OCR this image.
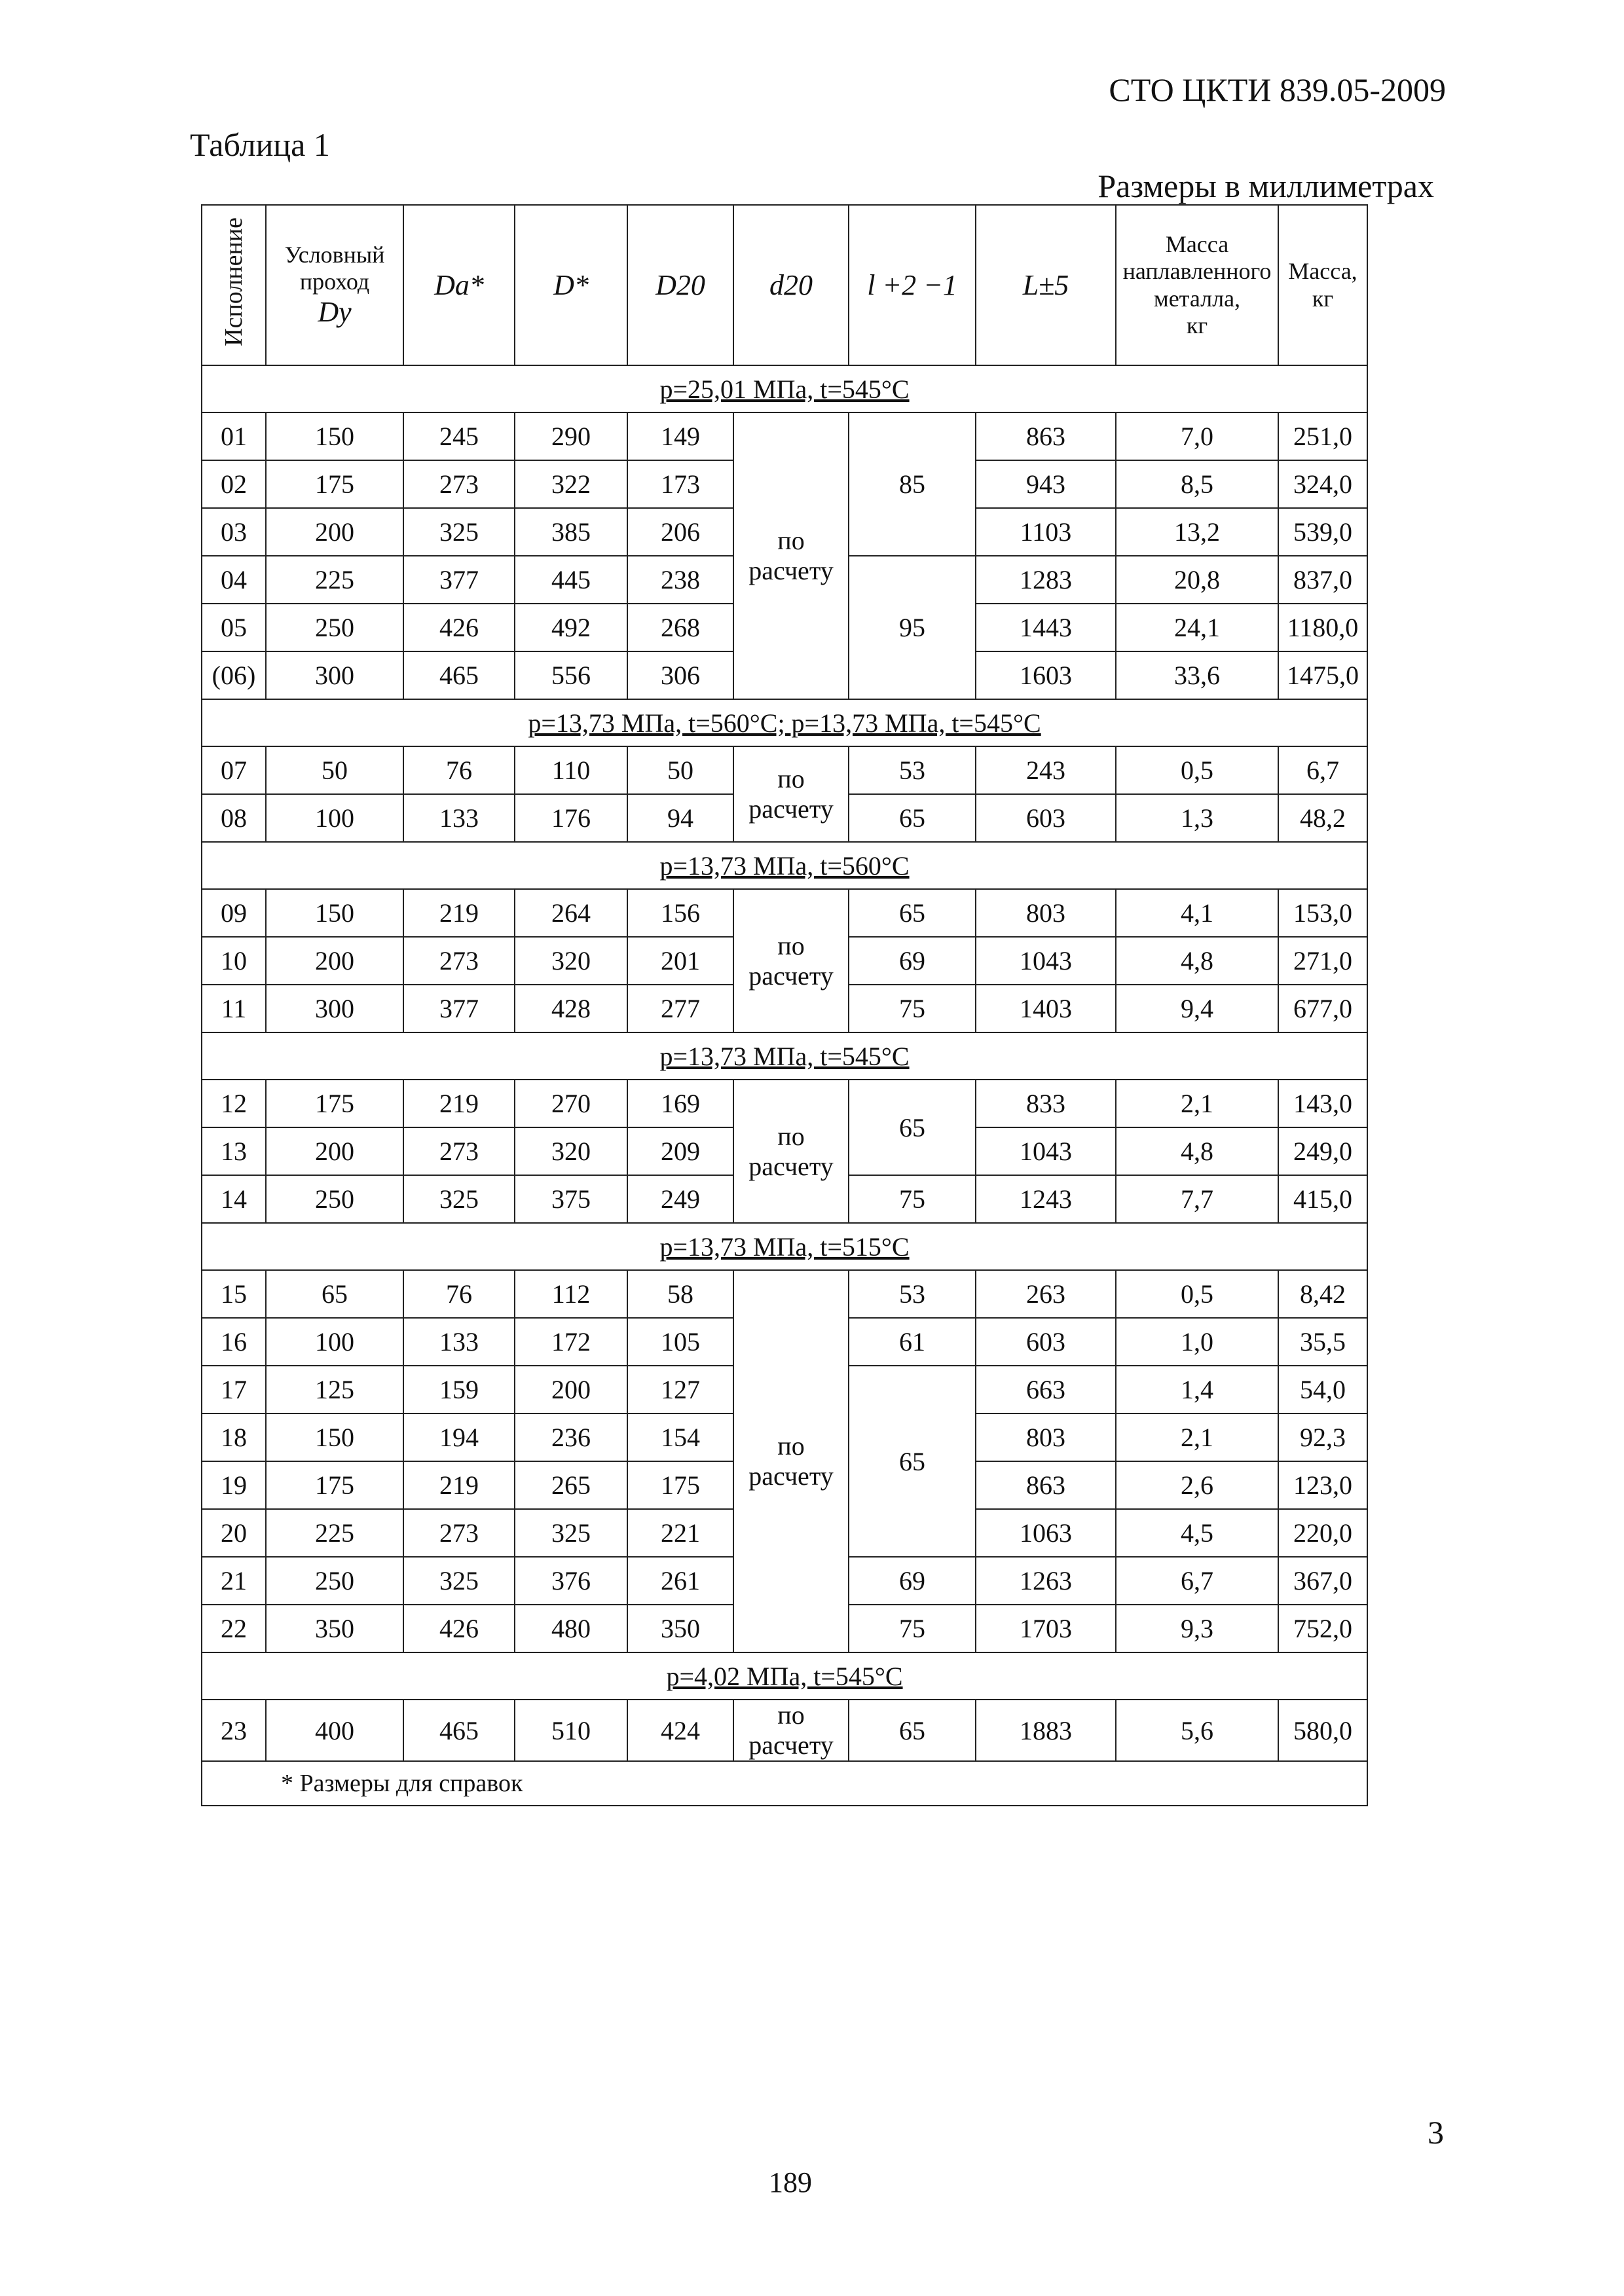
СТО ЦКТИ 839.05-2009
Таблица 1
Размеры в миллиметрах
Исполнение	Условный
проход
Dy	Da*	D*	D20	d20	l +2 −1	L±5	Масса
наплавленного
металла,
кг	Масса,
кг

p=25,01 МПа, t=545°C									
01	150	245	290	149	по расчету	85	863	7,0	251,0
02	175	273	322	173			943	8,5	324,0
03	200	325	385	206			1103	13,2	539,0
04	225	377	445	238		95	1283	20,8	837,0
05	250	426	492	268			1443	24,1	1180,0
(06)	300	465	556	306			1603	33,6	1475,0
p=13,73 МПа, t=560°C; p=13,73 МПа, t=545°C									
07	50	76	110	50	по расчету	53	243	0,5	6,7
08	100	133	176	94		65	603	1,3	48,2
p=13,73 МПа, t=560°C									
09	150	219	264	156	по расчету	65	803	4,1	153,0
10	200	273	320	201		69	1043	4,8	271,0
11	300	377	428	277		75	1403	9,4	677,0
p=13,73 МПа, t=545°C									
12	175	219	270	169	по расчету	65	833	2,1	143,0
13	200	273	320	209			1043	4,8	249,0
14	250	325	375	249		75	1243	7,7	415,0
p=13,73 МПа, t=515°C									
15	65	76	112	58	по расчету	53	263	0,5	8,42
16	100	133	172	105		61	603	1,0	35,5
17	125	159	200	127		65	663	1,4	54,0
18	150	194	236	154			803	2,1	92,3
19	175	219	265	175			863	2,6	123,0
20	225	273	325	221			1063	4,5	220,0
21	250	325	376	261		69	1263	6,7	367,0
22	350	426	480	350		75	1703	9,3	752,0
p=4,02 МПа, t=545°C									
23	400	465	510	424	по расчету	65	1883	5,6	580,0
* Размеры для справок									
3
189
